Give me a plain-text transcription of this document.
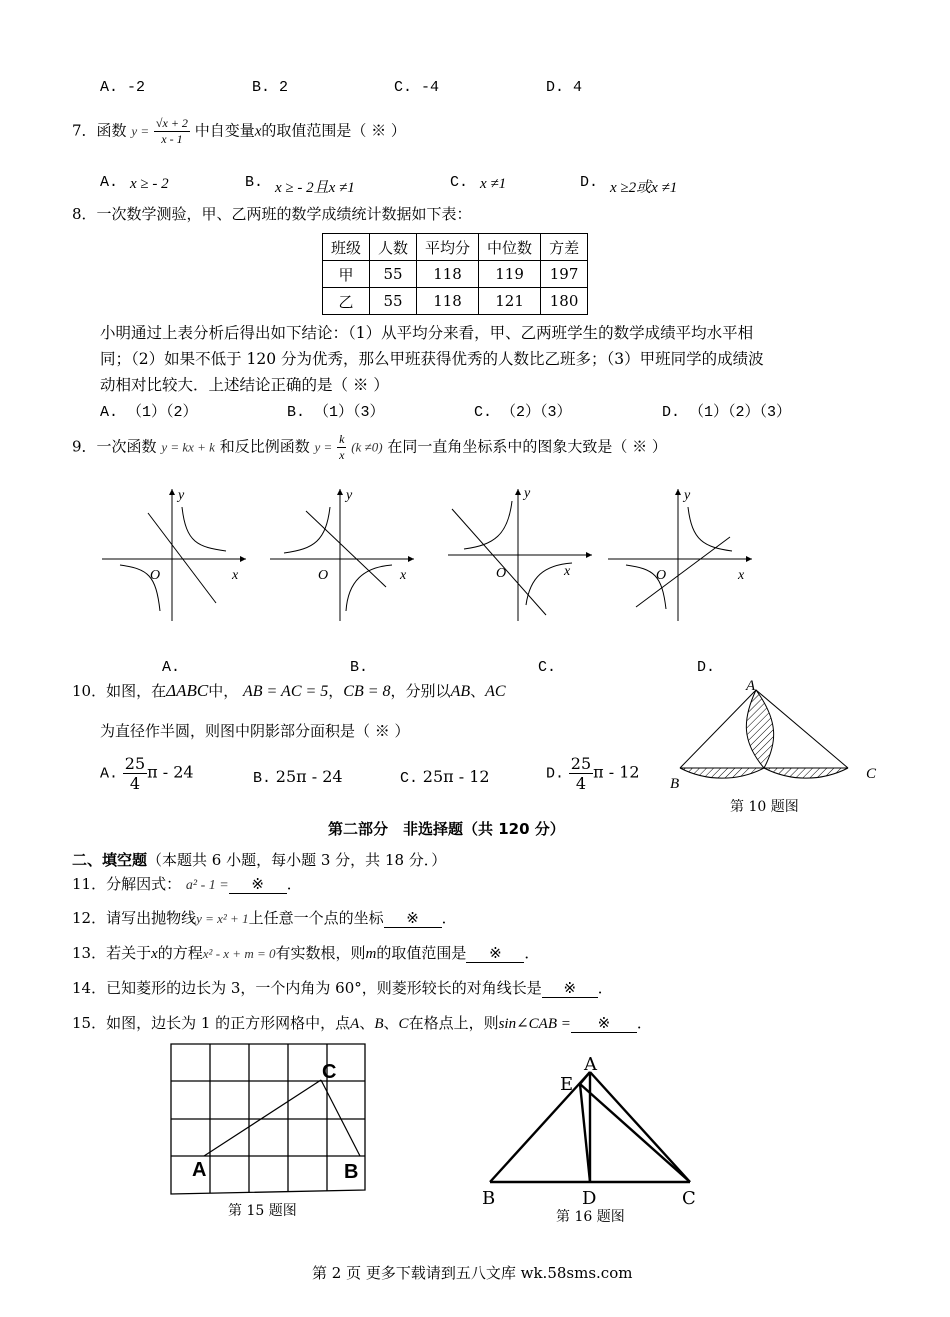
A. -2	B. 2	C. -4	D. 4
7．函数 $y = \frac{√x + 2}{x - 1}$ 中自变量x的取值范围是（ ※ ）
A. x ≥ - 2	B. x ≥ - 2且x ≠1	C. x ≠1	D. x ≥2或x ≠1
8．一次数学测验，甲、乙两班的数学成绩统计数据如下表：
班级	人数	平均分	中位数	方差
甲	55	118	119	197
乙	55	118	121	180
小明通过上表分析后得出如下结论：（1）从平均分来看，甲、乙两班学生的数学成绩平均水平相
同；（2）如果不低于 120 分为优秀，那么甲班获得优秀的人数比乙班多；（3）甲班同学的成绩波
动相对比较大．上述结论正确的是（ ※ ）
A. （1）（2）	B. （1）（3）	C. （2）（3）	D. （1）（2）（3）
9．一次函数 y = kx + k 和反比例函数 $y = \frac{k}{x} (k \ne 0)$ 在同一直角坐标系中的图象大致是（ ※ ）
y
x
O
y
x
O
y
x
O
y
x
O
A.	B.	C.	D.
10．如图，在ΔABC中， AB = AC = 5，CB = 8，分别以AB、AC
为直径作半圆，则图中阴影部分面积是（ ※ ）
A. $\frac{25}{4}\pi - 24$	B. 25π - 24	C. 25π - 12	D. $\frac{25}{4}\pi - 12$
A
B
C
第 10 题图
第二部分　非选择题（共 120 分）
二、填空题（本题共 6 小题，每小题 3 分，共 18 分．）
11．分解因式： a² - 1 = ※ ．
12．请写出抛物线y = x² + 1上任意一个点的坐标 ※ ．
13．若关于x的方程x² - x + m = 0有实数根，则m的取值范围是 ※ ．
14．已知菱形的边长为 3，一个内角为 60°，则菱形较长的对角线长是 ※ ．
15．如图，边长为 1 的正方形网格中，点A、B、C在格点上，则sin∠CAB = ※ ．
A	B
C
第 15 题图
A
E
B	D	C
第 16 题图
第 2 页 更多下载请到五八文库 wk.58sms.com
